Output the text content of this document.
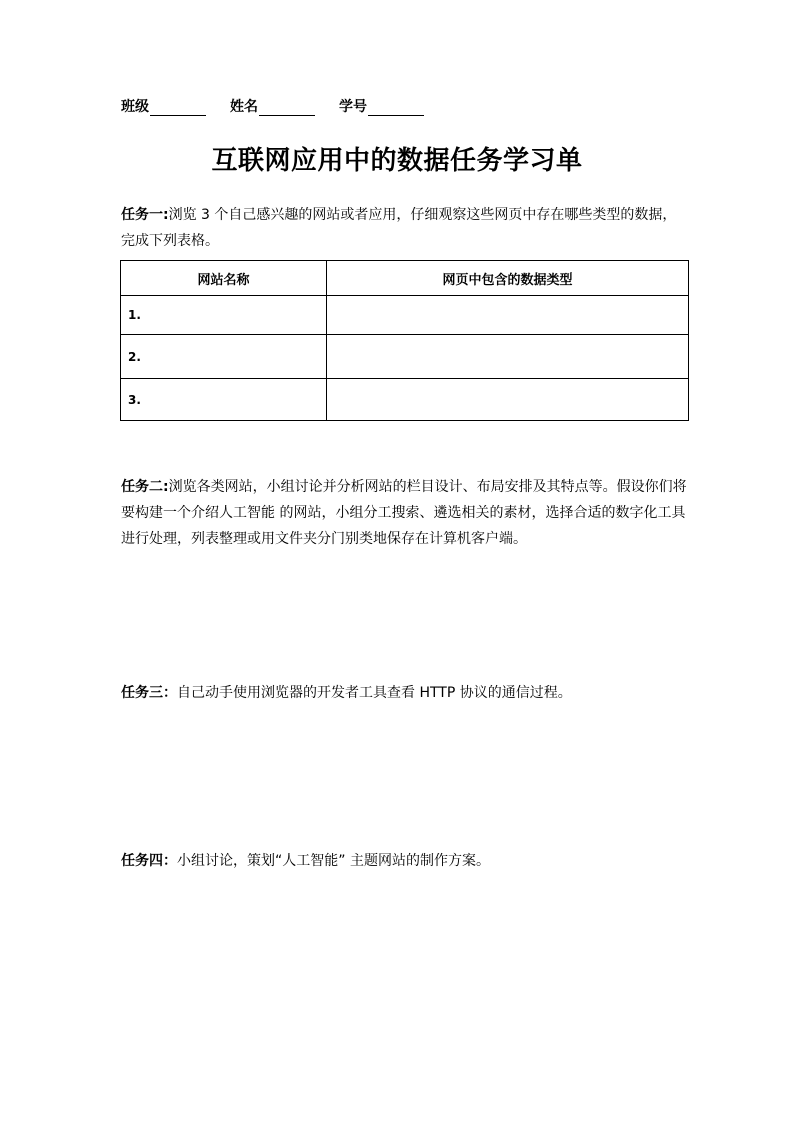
班级	姓名	学号
互联网应用中的数据任务学习单
任务一:浏览 3 个自己感兴趣的网站或者应用，仔细观察这些网页中存在哪些类型的数据，完成下列表格。
网站名称	网页中包含的数据类型
1.	
2.	
3.	
任务二:浏览各类网站，小组讨论并分析网站的栏目设计、布局安排及其特点等。假设你们将要构建一个介绍人工智能 的网站，小组分工搜索、遴选相关的素材，选择合适的数字化工具进行处理，列表整理或用文件夹分门别类地保存在计算机客户端。
任务三：自己动手使用浏览器的开发者工具查看 HTTP 协议的通信过程。
任务四：小组讨论，策划“人工智能” 主题网站的制作方案。
